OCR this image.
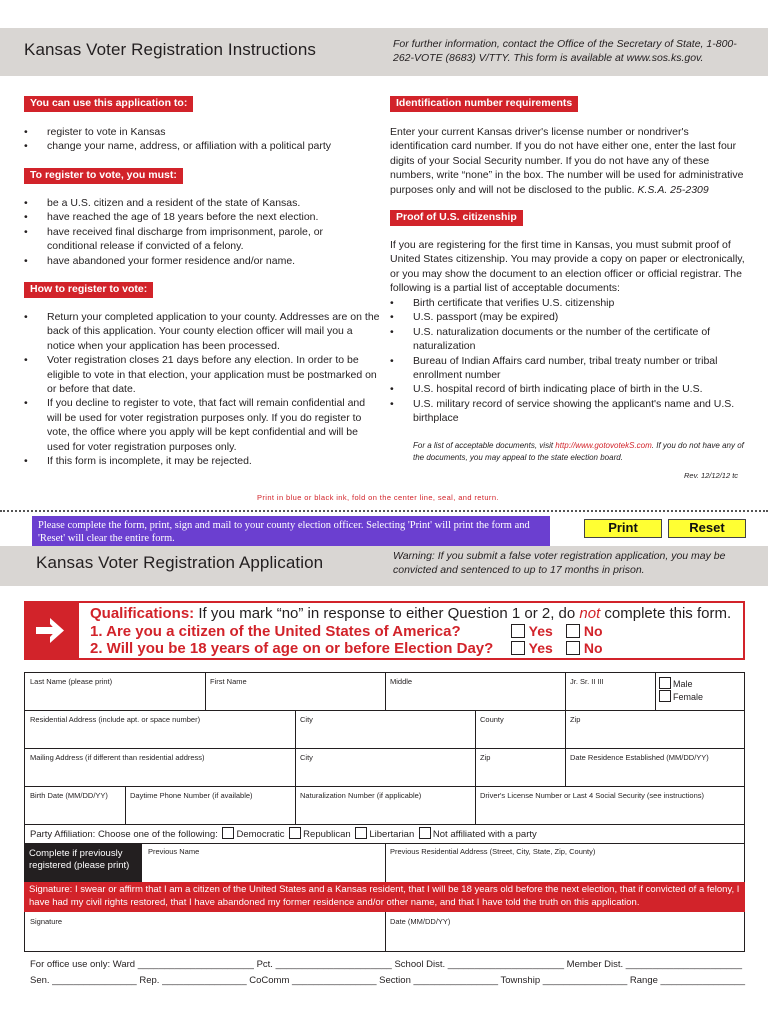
Kansas Voter Registration Instructions	For further information, contact the Office of the Secretary of State, 1-800-262-VOTE (8683) V/TTY. This form is available at www.sos.ks.gov.
You can use this application to:
• register to vote in Kansas
• change your name, address, or affiliation with a political party
To register to vote, you must:
• be a U.S. citizen and a resident of the state of Kansas.
• have reached the age of 18 years before the next election.
• have received final discharge from imprisonment, parole, or conditional release if convicted of a felony.
• have abandoned your former residence and/or name.
How to register to vote:
• Return your completed application to your county. Addresses are on the back of this application. Your county election officer will mail you a notice when your application has been processed.
• Voter registration closes 21 days before any election. In order to be eligible to vote in that election, your application must be postmarked on or before that date.
• If you decline to register to vote, that fact will remain confidential and will be used for voter registration purposes only. If you do register to vote, the office where you apply will be kept confidential and will be used for voter registration purposes only.
• If this form is incomplete, it may be rejected.
Identification number requirements
Enter your current Kansas driver's license number or nondriver's identification card number. If you do not have either one, enter the last four digits of your Social Security number. If you do not have any of these numbers, write “none” in the box. The number will be used for administrative purposes only and will not be disclosed to the public. K.S.A. 25-2309
Proof of U.S. citizenship
If you are registering for the first time in Kansas, you must submit proof of United States citizenship. You may provide a copy on paper or electronically, or you may show the document to an election officer or official registrar. The following is a partial list of acceptable documents:
• Birth certificate that verifies U.S. citizenship
• U.S. passport (may be expired)
• U.S. naturalization documents or the number of the certificate of naturalization
• Bureau of Indian Affairs card number, tribal treaty number or tribal enrollment number
• U.S. hospital record of birth indicating place of birth in the U.S.
• U.S. military record of service showing the applicant's name and U.S. birthplace
For a list of acceptable documents, visit http://www.gotovotekS.com. If you do not have any of the documents, you may appeal to the state election board.
Rev. 12/12/12 tc
Print in blue or black ink, fold on the center line, seal, and return.
Please complete the form, print, sign and mail to your county election officer. Selecting 'Print' will print the form and 'Reset' will clear the entire form.
Print	Reset
Kansas Voter Registration Application	Warning: If you submit a false voter registration application, you may be convicted and sentenced to up to 17 months in prison.
Qualifications: If you mark “no” in response to either Question 1 or 2, do not complete this form.
1. Are you a citizen of the United States of America?
2. Will you be 18 years of age on or before Election Day?
Yes	No
Yes	No
Last Name (please print)	First Name	Middle	Jr. Sr. II III	Male
Female
Residential Address (include apt. or space number)	City	County	Zip
Mailing Address (if different than residential address)	City	Zip	Date Residence Established (MM/DD/YY)
Birth Date (MM/DD/YY)	Daytime Phone Number (if available)	Naturalization Number (if applicable)	Driver's License Number or Last 4 Social Security (see instructions)
Party Affiliation: Choose one of the following: Democratic Republican Libertarian Not affiliated with a party
Complete if previously registered (please print)
Previous Name	Previous Residential Address (Street, City, State, Zip, County)
Signature: I swear or affirm that I am a citizen of the United States and a Kansas resident, that I will be 18 years old before the next election, that if convicted of a felony, I have had my civil rights restored, that I have abandoned my former residence and/or other name, and that I have told the truth on this application.
Signature	Date (MM/DD/YY)
For office use only: Ward ______________________ Pct. ______________________ School Dist. ______________________ Member Dist. ______________________
Sen. ________________ Rep. ________________ CoComm ________________ Section ________________ Township ________________ Range ________________
